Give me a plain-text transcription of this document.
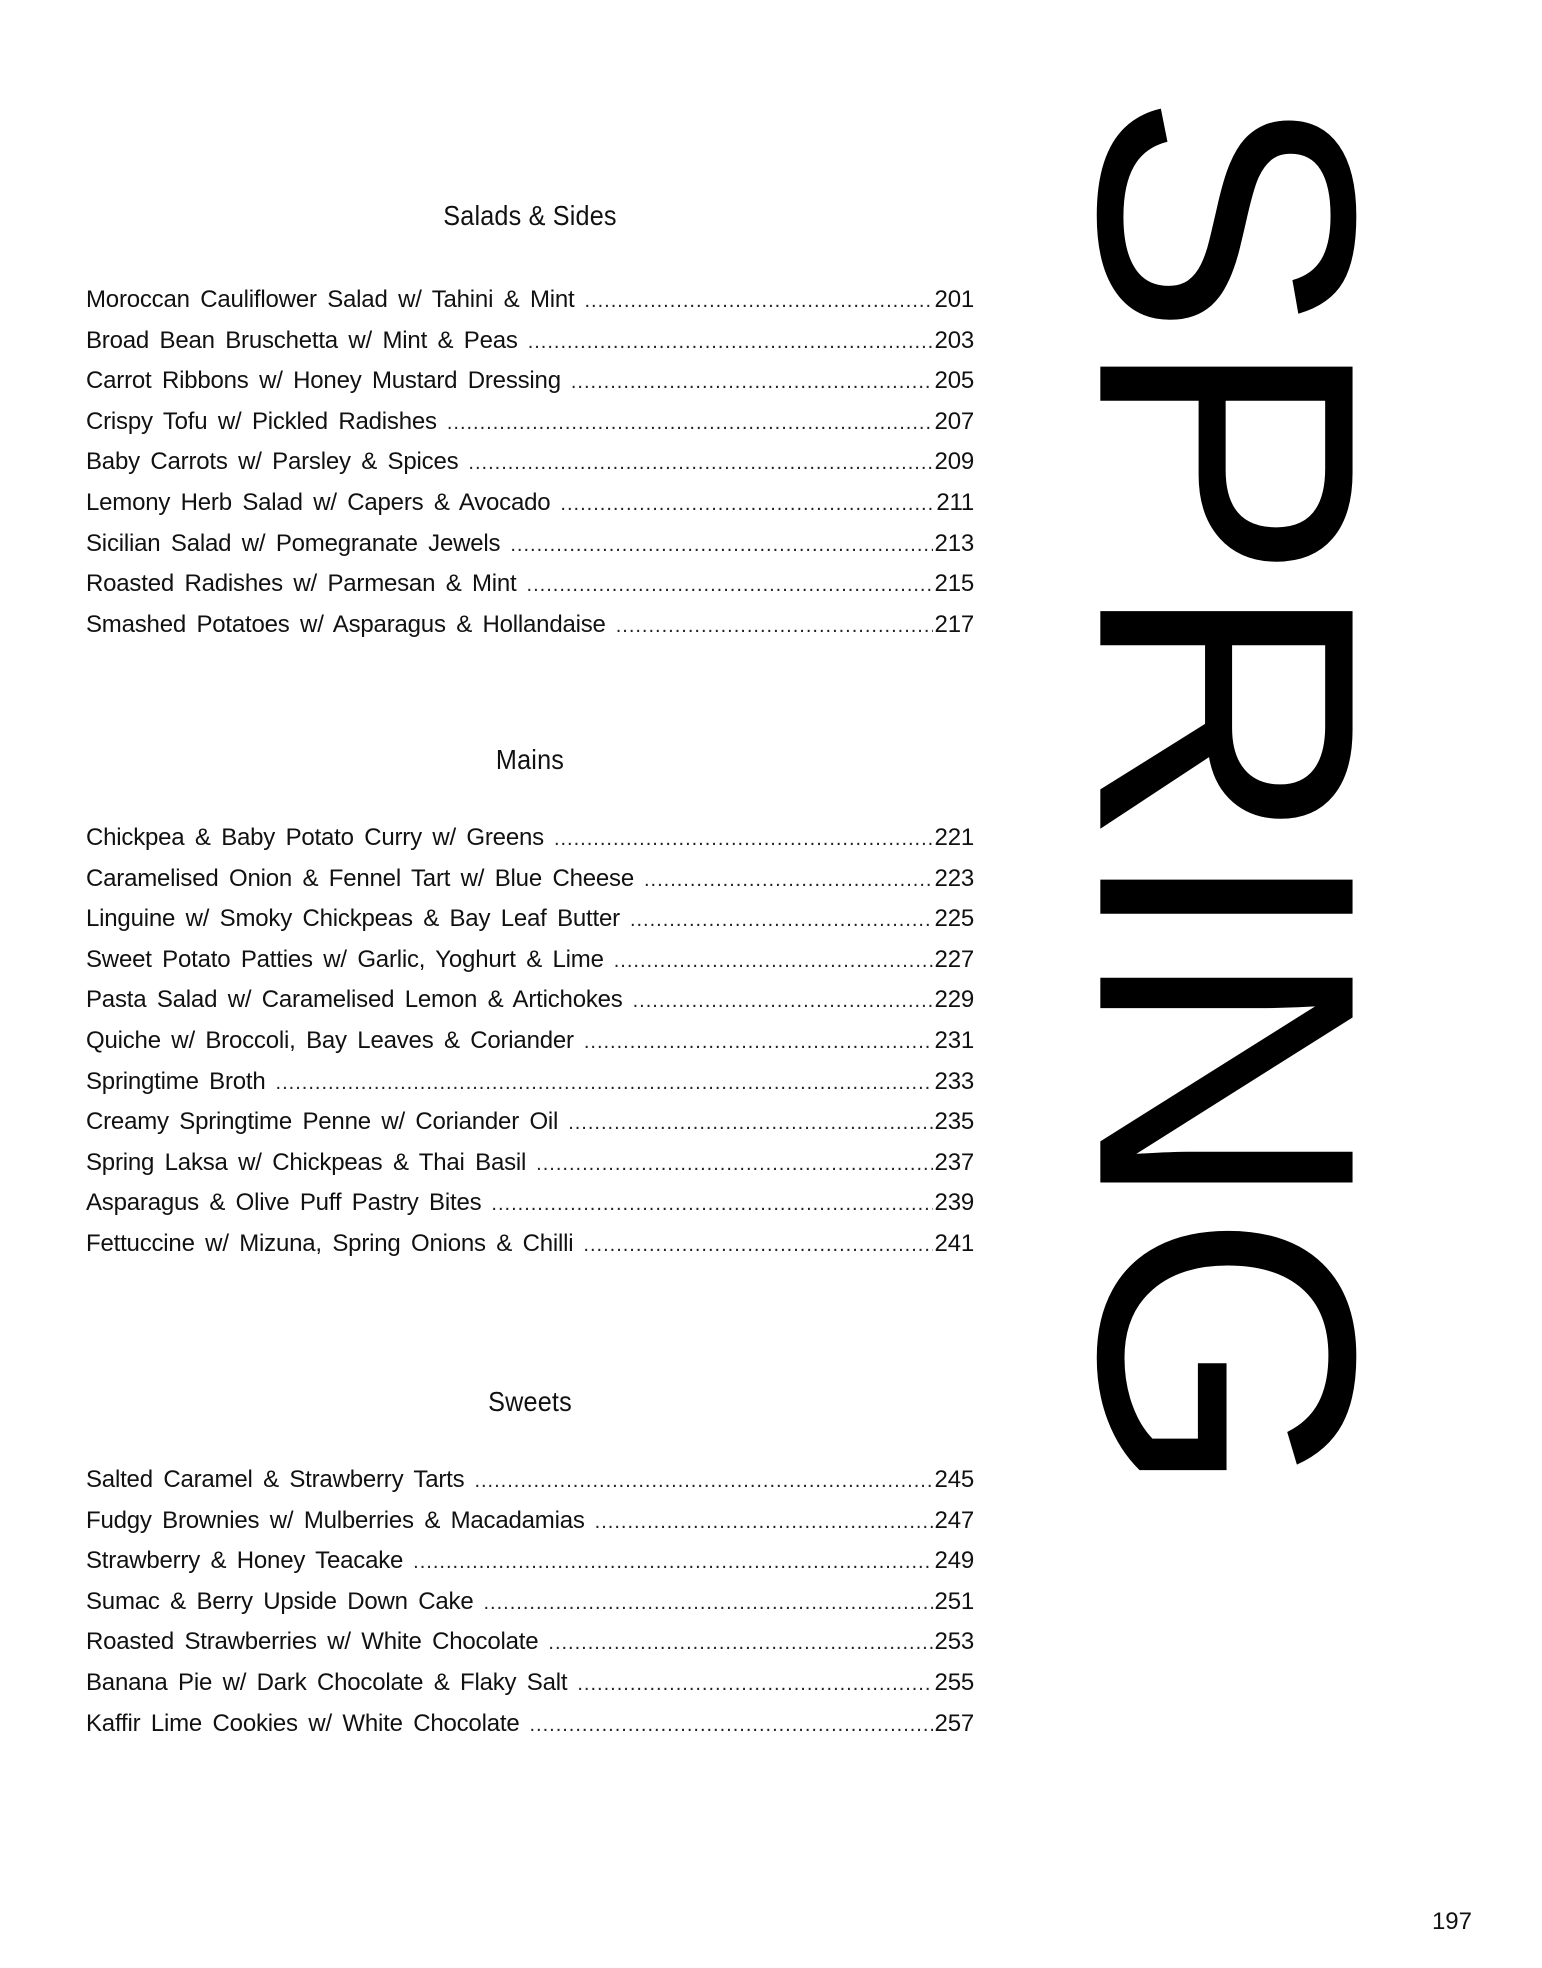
SPRING
Salads & Sides
Moroccan Cauliflower Salad w/ Tahini & Mint .....	201
Broad Bean Bruschetta w/ Mint & Peas .....	203
Carrot Ribbons w/ Honey Mustard Dressing .....	205
Crispy Tofu w/ Pickled Radishes .....	207
Baby Carrots w/ Parsley & Spices .....	209
Lemony Herb Salad w/ Capers & Avocado .....	211
Sicilian Salad w/ Pomegranate Jewels .....	213
Roasted Radishes w/ Parmesan & Mint .....	215
Smashed Potatoes w/ Asparagus & Hollandaise .....	217
Mains
Chickpea & Baby Potato Curry w/ Greens .....	221
Caramelised Onion & Fennel Tart w/ Blue Cheese .....	223
Linguine w/ Smoky Chickpeas & Bay Leaf Butter .....	225
Sweet Potato Patties w/ Garlic, Yoghurt & Lime .....	227
Pasta Salad w/ Caramelised Lemon & Artichokes .....	229
Quiche w/ Broccoli, Bay Leaves & Coriander .....	231
Springtime Broth .....	233
Creamy Springtime Penne w/ Coriander Oil .....	235
Spring Laksa w/ Chickpeas & Thai Basil .....	237
Asparagus & Olive Puff Pastry Bites .....	239
Fettuccine w/ Mizuna, Spring Onions & Chilli .....	241
Sweets
Salted Caramel & Strawberry Tarts .....	245
Fudgy Brownies w/ Mulberries & Macadamias .....	247
Strawberry & Honey Teacake .....	249
Sumac & Berry Upside Down Cake .....	251
Roasted Strawberries w/ White Chocolate .....	253
Banana Pie w/ Dark Chocolate & Flaky Salt .....	255
Kaffir Lime Cookies w/ White Chocolate .....	257

197
